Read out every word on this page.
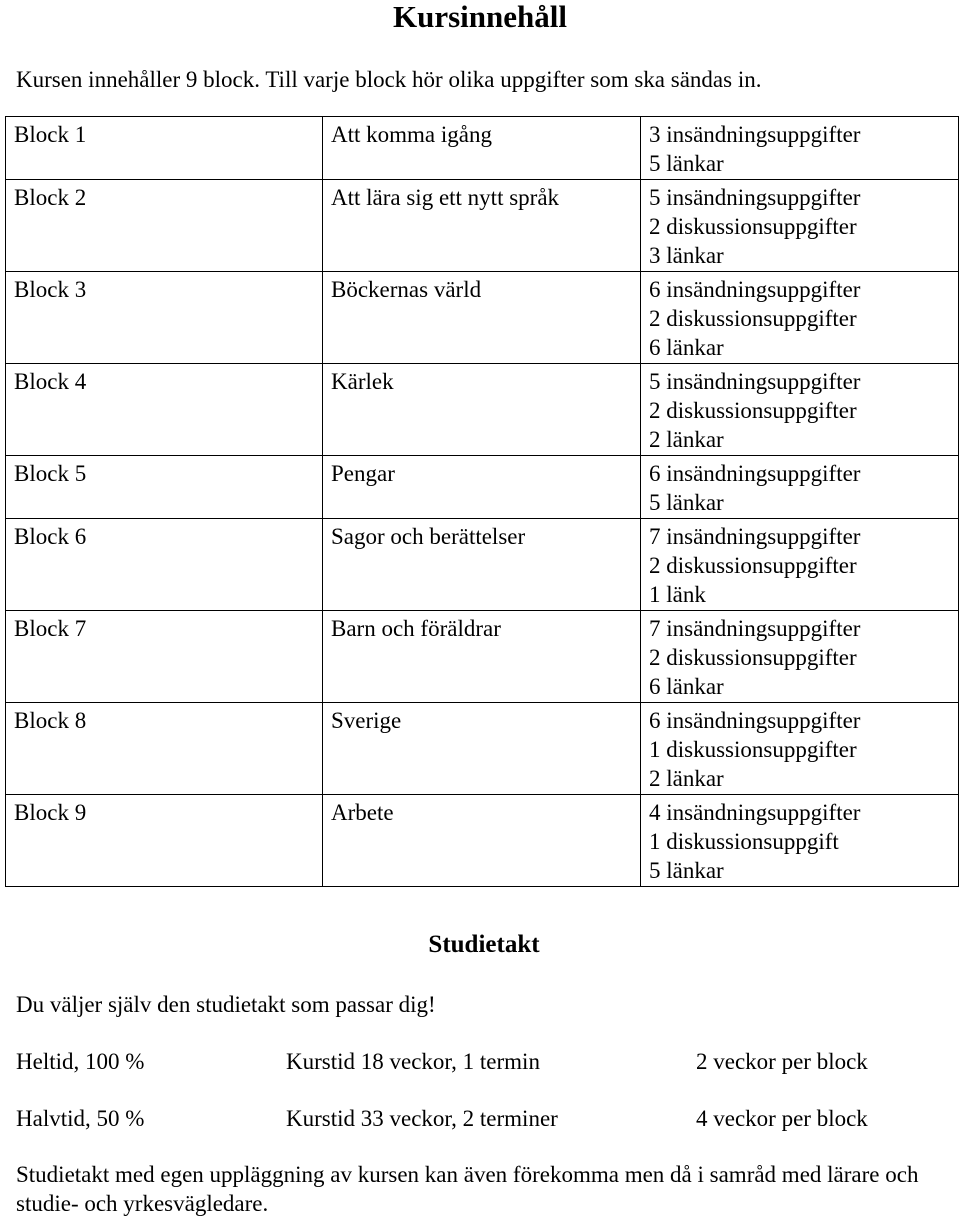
Kursinnehåll

Kursen innehåller 9 block. Till varje block hör olika uppgifter som ska sändas in.

Block 1	Att komma igång	3 insändningsuppgifter
5 länkar

Block 2	Att lära sig ett nytt språk	5 insändningsuppgifter
2 diskussionsuppgifter
3 länkar

Block 3	Böckernas värld	6 insändningsuppgifter
2 diskussionsuppgifter
6 länkar

Block 4	Kärlek	5 insändningsuppgifter
2 diskussionsuppgifter
2 länkar

Block 5	Pengar	6 insändningsuppgifter
5 länkar

Block 6	Sagor och berättelser	7 insändningsuppgifter
2 diskussionsuppgifter
1 länk

Block 7	Barn och föräldrar	7 insändningsuppgifter
2 diskussionsuppgifter
6 länkar

Block 8	Sverige	6 insändningsuppgifter
1 diskussionsuppgifter
2 länkar

Block 9	Arbete	4 insändningsuppgifter
1 diskussionsuppgift
5 länkar
Studietakt

Du väljer själv den studietakt som passar dig!

Heltid, 100 %	Kurstid 18 veckor, 1 termin	2 veckor per block
Halvtid, 50 %	Kurstid 33 veckor, 2 terminer	4 veckor per block

Studietakt med egen uppläggning av kursen kan även förekomma men då i samråd med lärare och studie- och yrkesvägledare.
